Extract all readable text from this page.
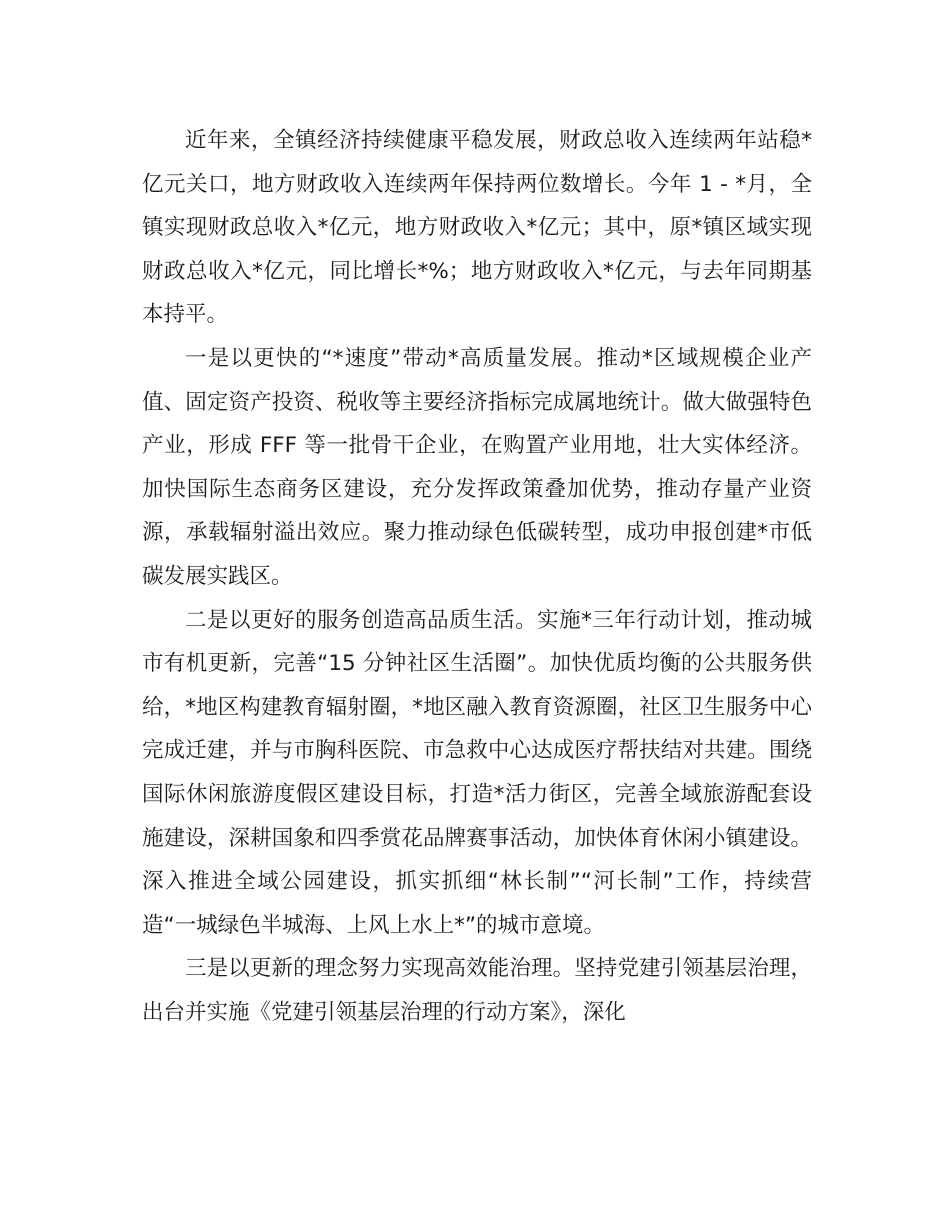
近年来，全镇经济持续健康平稳发展，财政总收入连续两年站稳*亿元关口，地方财政收入连续两年保持两位数增长。今年 1 - *月，全镇实现财政总收入*亿元，地方财政收入*亿元；其中，原*镇区域实现财政总收入*亿元，同比增长*%；地方财政收入*亿元，与去年同期基本持平。

一是以更快的“*速度”带动*高质量发展。推动*区域规模企业产值、固定资产投资、税收等主要经济指标完成属地统计。做大做强特色产业，形成 FFF 等一批骨干企业，在购置产业用地，壮大实体经济。加快国际生态商务区建设，充分发挥政策叠加优势，推动存量产业资源，承载辐射溢出效应。聚力推动绿色低碳转型，成功申报创建*市低碳发展实践区。

二是以更好的服务创造高品质生活。实施*三年行动计划，推动城市有机更新，完善“15 分钟社区生活圈”。加快优质均衡的公共服务供给，*地区构建教育辐射圈，*地区融入教育资源圈，社区卫生服务中心完成迁建，并与市胸科医院、市急救中心达成医疗帮扶结对共建。围绕国际休闲旅游度假区建设目标，打造*活力街区，完善全域旅游配套设施建设，深耕国象和四季赏花品牌赛事活动，加快体育休闲小镇建设。深入推进全域公园建设，抓实抓细“林长制”“河长制”工作，持续营造“一城绿色半城海、上风上水上*”的城市意境。

三是以更新的理念努力实现高效能治理。坚持党建引领基层治理，出台并实施《党建引领基层治理的行动方案》，深化
